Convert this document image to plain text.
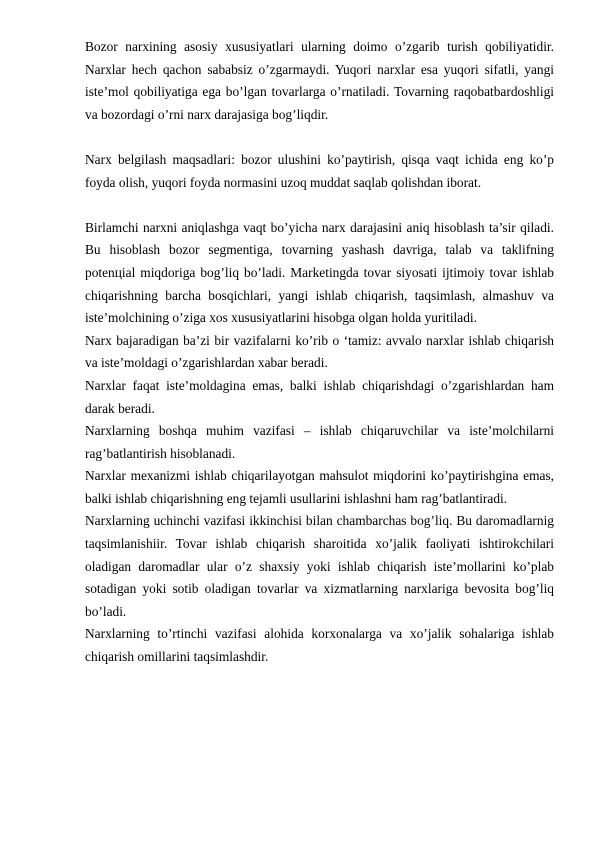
Bozor narxining asosiy xususiyatlari ularning doimo o’zgarib turish qobiliyatidir. Narxlar hech qachon sababsiz o’zgarmaydi. Yuqori narxlar esa yuqori sifatli, yangi iste’mol qobiliyatiga ega bo’lgan tovarlarga o’rnatiladi. Tovarning raqobatbardoshligi va bozordagi o’rni narx darajasiga bog’liqdir.

Narx belgilash maqsadlari: bozor ulushini ko’paytirish, qisqa vaqt ichida eng ko’p foyda olish, yuqori foyda normasini uzoq muddat saqlab qolishdan iborat.

Birlamchi narxni aniqlashga vaqt bo’yicha narx darajasini aniq hisoblash ta’sir qiladi. Bu hisoblash bozor segmentiga, tovarning yashash davriga, talab va taklifning potenцial miqdoriga bog’liq bo’ladi. Marketingda tovar siyosati ijtimoiy tovar ishlab chiqarishning barcha bosqichlari, yangi ishlab chiqarish, taqsimlash, almashuv va iste’molchining o’ziga xos xususiyatlarini hisobga olgan holda yuritiladi.

Narx bajaradigan ba’zi bir vazifalarni ko’rib o ‘tamiz: avvalo narxlar ishlab chiqarish va iste’moldagi o’zgarishlardan xabar beradi.

Narxlar faqat iste’moldagina emas, balki ishlab chiqarishdagi o’zgarishlardan ham darak beradi.

Narxlarning boshqa muhim vazifasi – ishlab chiqaruvchilar va iste’molchilarni rag’batlantirish hisoblanadi.

Narxlar mexanizmi ishlab chiqarilayotgan mahsulot miqdorini ko’paytirishgina emas, balki ishlab chiqarishning eng tejamli usullarini ishlashni ham rag’batlantiradi.

Narxlarning uchinchi vazifasi ikkinchisi bilan chambarchas bog’liq. Bu daromadlarnig taqsimlanishiir. Tovar ishlab chiqarish sharoitida xo’jalik faoliyati ishtirokchilari oladigan daromadlar ular o’z shaxsiy yoki ishlab chiqarish iste’mollarini ko’plab sotadigan yoki sotib oladigan tovarlar va xizmatlarning narxlariga bevosita bog’liq bo’ladi.

Narxlarning to’rtinchi vazifasi alohida korxonalarga va xo’jalik sohalariga ishlab chiqarish omillarini taqsimlashdir.
